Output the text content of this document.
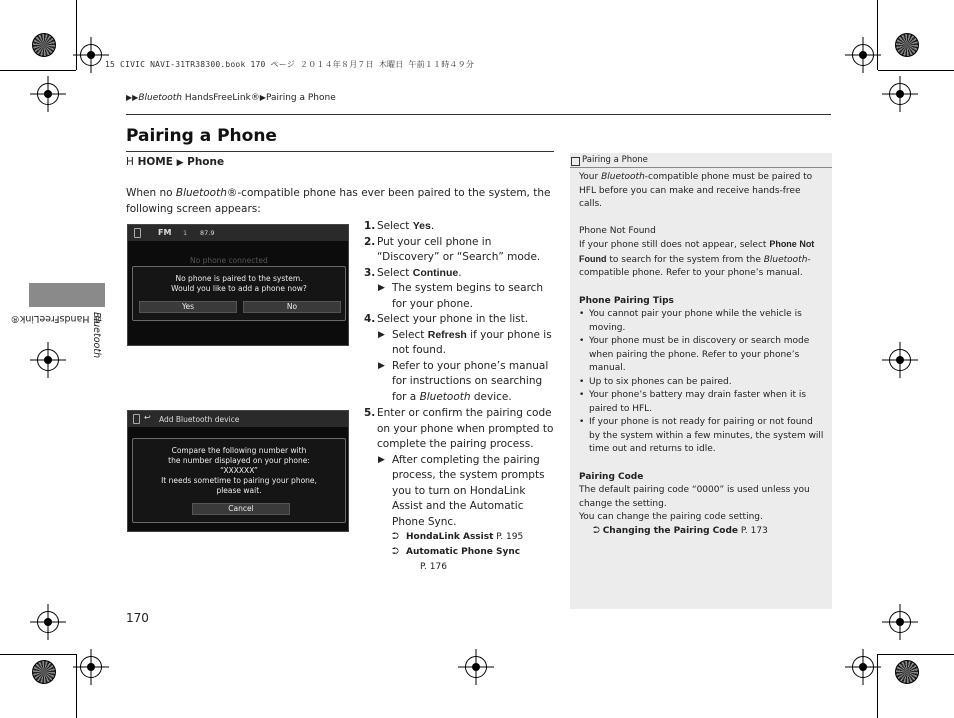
15 CIVIC NAVI-31TR38300.book 170 ページ ２０１４年８月７日 木曜日 午前１１時４９分
▶▶Bluetooth HandsFreeLink®▶Pairing a Phone
Bluetooth
® HandsFreeLink®
Pairing a Phone
H HOME ▶ Phone
When no Bluetooth®-compatible phone has ever been paired to the system, the following screen appears:
FM 1 87.9
No phone connected
No phone is paired to the system.
Would you like to add a phone now?
Yes	No
↩ Add Bluetooth device
Compare the following number with
the number displayed on your phone:
“XXXXXX”
It needs sometime to pairing your phone,
please wait.
Cancel
1. Select Yes.
2. Put your cell phone in “Discovery” or “Search” mode.
3. Select Continue.
▶ The system begins to search for your phone.
4. Select your phone in the list.
▶ Select Refresh if your phone is not found.
▶ Refer to your phone’s manual for instructions on searching for a Bluetooth device.
5. Enter or confirm the pairing code on your phone when prompted to complete the pairing process.
▶ After completing the pairing process, the system prompts you to turn on HondaLink Assist and the Automatic Phone Sync.
⮊ HondaLink Assist P. 195
⮊ Automatic Phone Sync
P. 176
170
Pairing a Phone

Your Bluetooth-compatible phone must be paired to HFL before you can make and receive hands-free calls.

Phone Not Found

If your phone still does not appear, select Phone Not Found to search for the system from the Bluetooth-compatible phone. Refer to your phone’s manual.

Phone Pairing Tips
• You cannot pair your phone while the vehicle is moving.
• Your phone must be in discovery or search mode when pairing the phone. Refer to your phone’s manual.
• Up to six phones can be paired.
• Your phone’s battery may drain faster when it is paired to HFL.
• If your phone is not ready for pairing or not found by the system within a few minutes, the system will time out and returns to idle.
Pairing Code

The default pairing code “0000” is used unless you change the setting.

You can change the pairing code setting.

⮊ Changing the Pairing Code P. 173
